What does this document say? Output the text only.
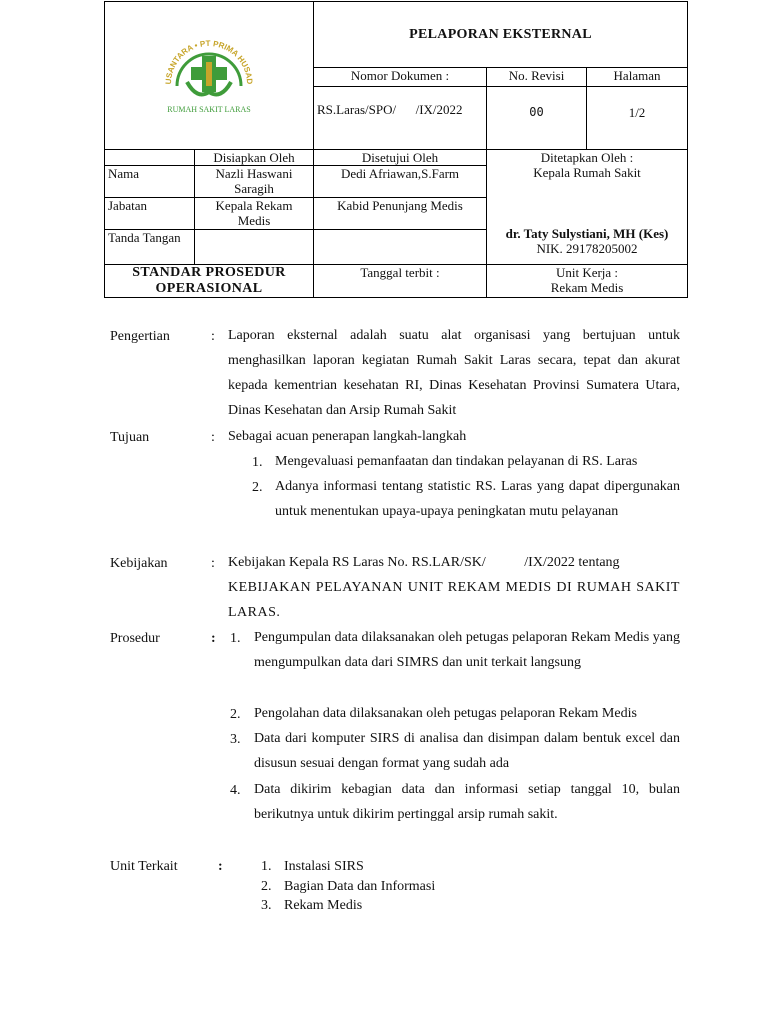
USANTARA • PT PRIMA HUSAD
RUMAH SAKIT LARAS		PELAPORAN EKSTERNAL		
		Nomor Dokumen :	No. Revisi	Halaman
		RS.Laras/SPO/      /IX/2022	00	1/2
	Disiapkan Oleh	Disetujui Oleh	Ditetapkan Oleh :
Kepala Rumah Sakit
dr. Taty Sulystiani, MH (Kes)
NIK. 29178205002	

Nama	Nazli Haswani Saragih	Dedi Afriawan,S.Farm		
Jabatan	Kepala Rekam Medis	Kabid Penunjang Medis		
Tanda Tangan				
STANDAR PROSEDUR OPERASIONAL		Tanggal terbit :	Unit Kerja :
Rekam Medis	
Pengertian	: Laporan eksternal adalah suatu alat organisasi yang bertujuan untuk menghasilkan laporan kegiatan Rumah Sakit Laras secara, tepat dan akurat kepada kementrian kesehatan RI, Dinas Kesehatan Provinsi Sumatera Utara, Dinas Kesehatan dan Arsip Rumah Sakit
Tujuan	: Sebagai acuan penerapan langkah-langkah
1. Mengevaluasi pemanfaatan dan tindakan pelayanan di RS. Laras
2. Adanya informasi tentang statistic RS. Laras yang dapat dipergunakan untuk menentukan upaya-upaya peningkatan mutu pelayanan
Kebijakan	: Kebijakan Kepala RS Laras No. RS.LAR/SK/           /IX/2022 tentang
KEBIJAKAN PELAYANAN UNIT REKAM MEDIS DI RUMAH SAKIT LARAS.
Prosedur	: 1. Pengumpulan data dilaksanakan oleh petugas pelaporan Rekam Medis yang mengumpulkan data dari SIMRS dan unit terkait langsung
2. Pengolahan data dilaksanakan oleh petugas pelaporan Rekam Medis
3. Data dari komputer SIRS di analisa dan disimpan dalam bentuk excel dan disusun sesuai dengan format yang sudah ada
4. Data dikirim kebagian data dan informasi setiap tanggal 10, bulan berikutnya untuk dikirim pertinggal arsip rumah sakit.
Unit Terkait	:	1. Instalasi SIRS
2. Bagian Data dan Informasi
3. Rekam Medis
